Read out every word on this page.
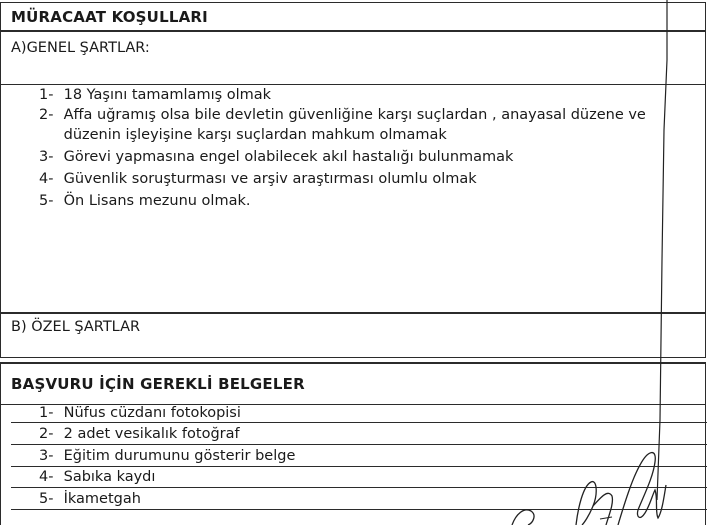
MÜRACAAT KOŞULLARI
A)GENEL ŞARTLAR:
1- 18 Yaşını tamamlamış olmak
2- Affa uğramış olsa bile devletin güvenliğine karşı suçlardan , anayasal düzene ve
düzenin işleyişine karşı suçlardan mahkum olmamak
3- Görevi yapmasına engel olabilecek akıl hastalığı bulunmamak
4- Güvenlik soruşturması ve arşiv araştırması olumlu olmak
5- Ön Lisans mezunu olmak.
B) ÖZEL ŞARTLAR
BAŞVURU İÇİN GEREKLİ BELGELER
1- Nüfus cüzdanı fotokopisi
2- 2 adet vesikalık fotoğraf
3- Eğitim durumunu gösterir belge
4- Sabıka kaydı
5- İkametgah
